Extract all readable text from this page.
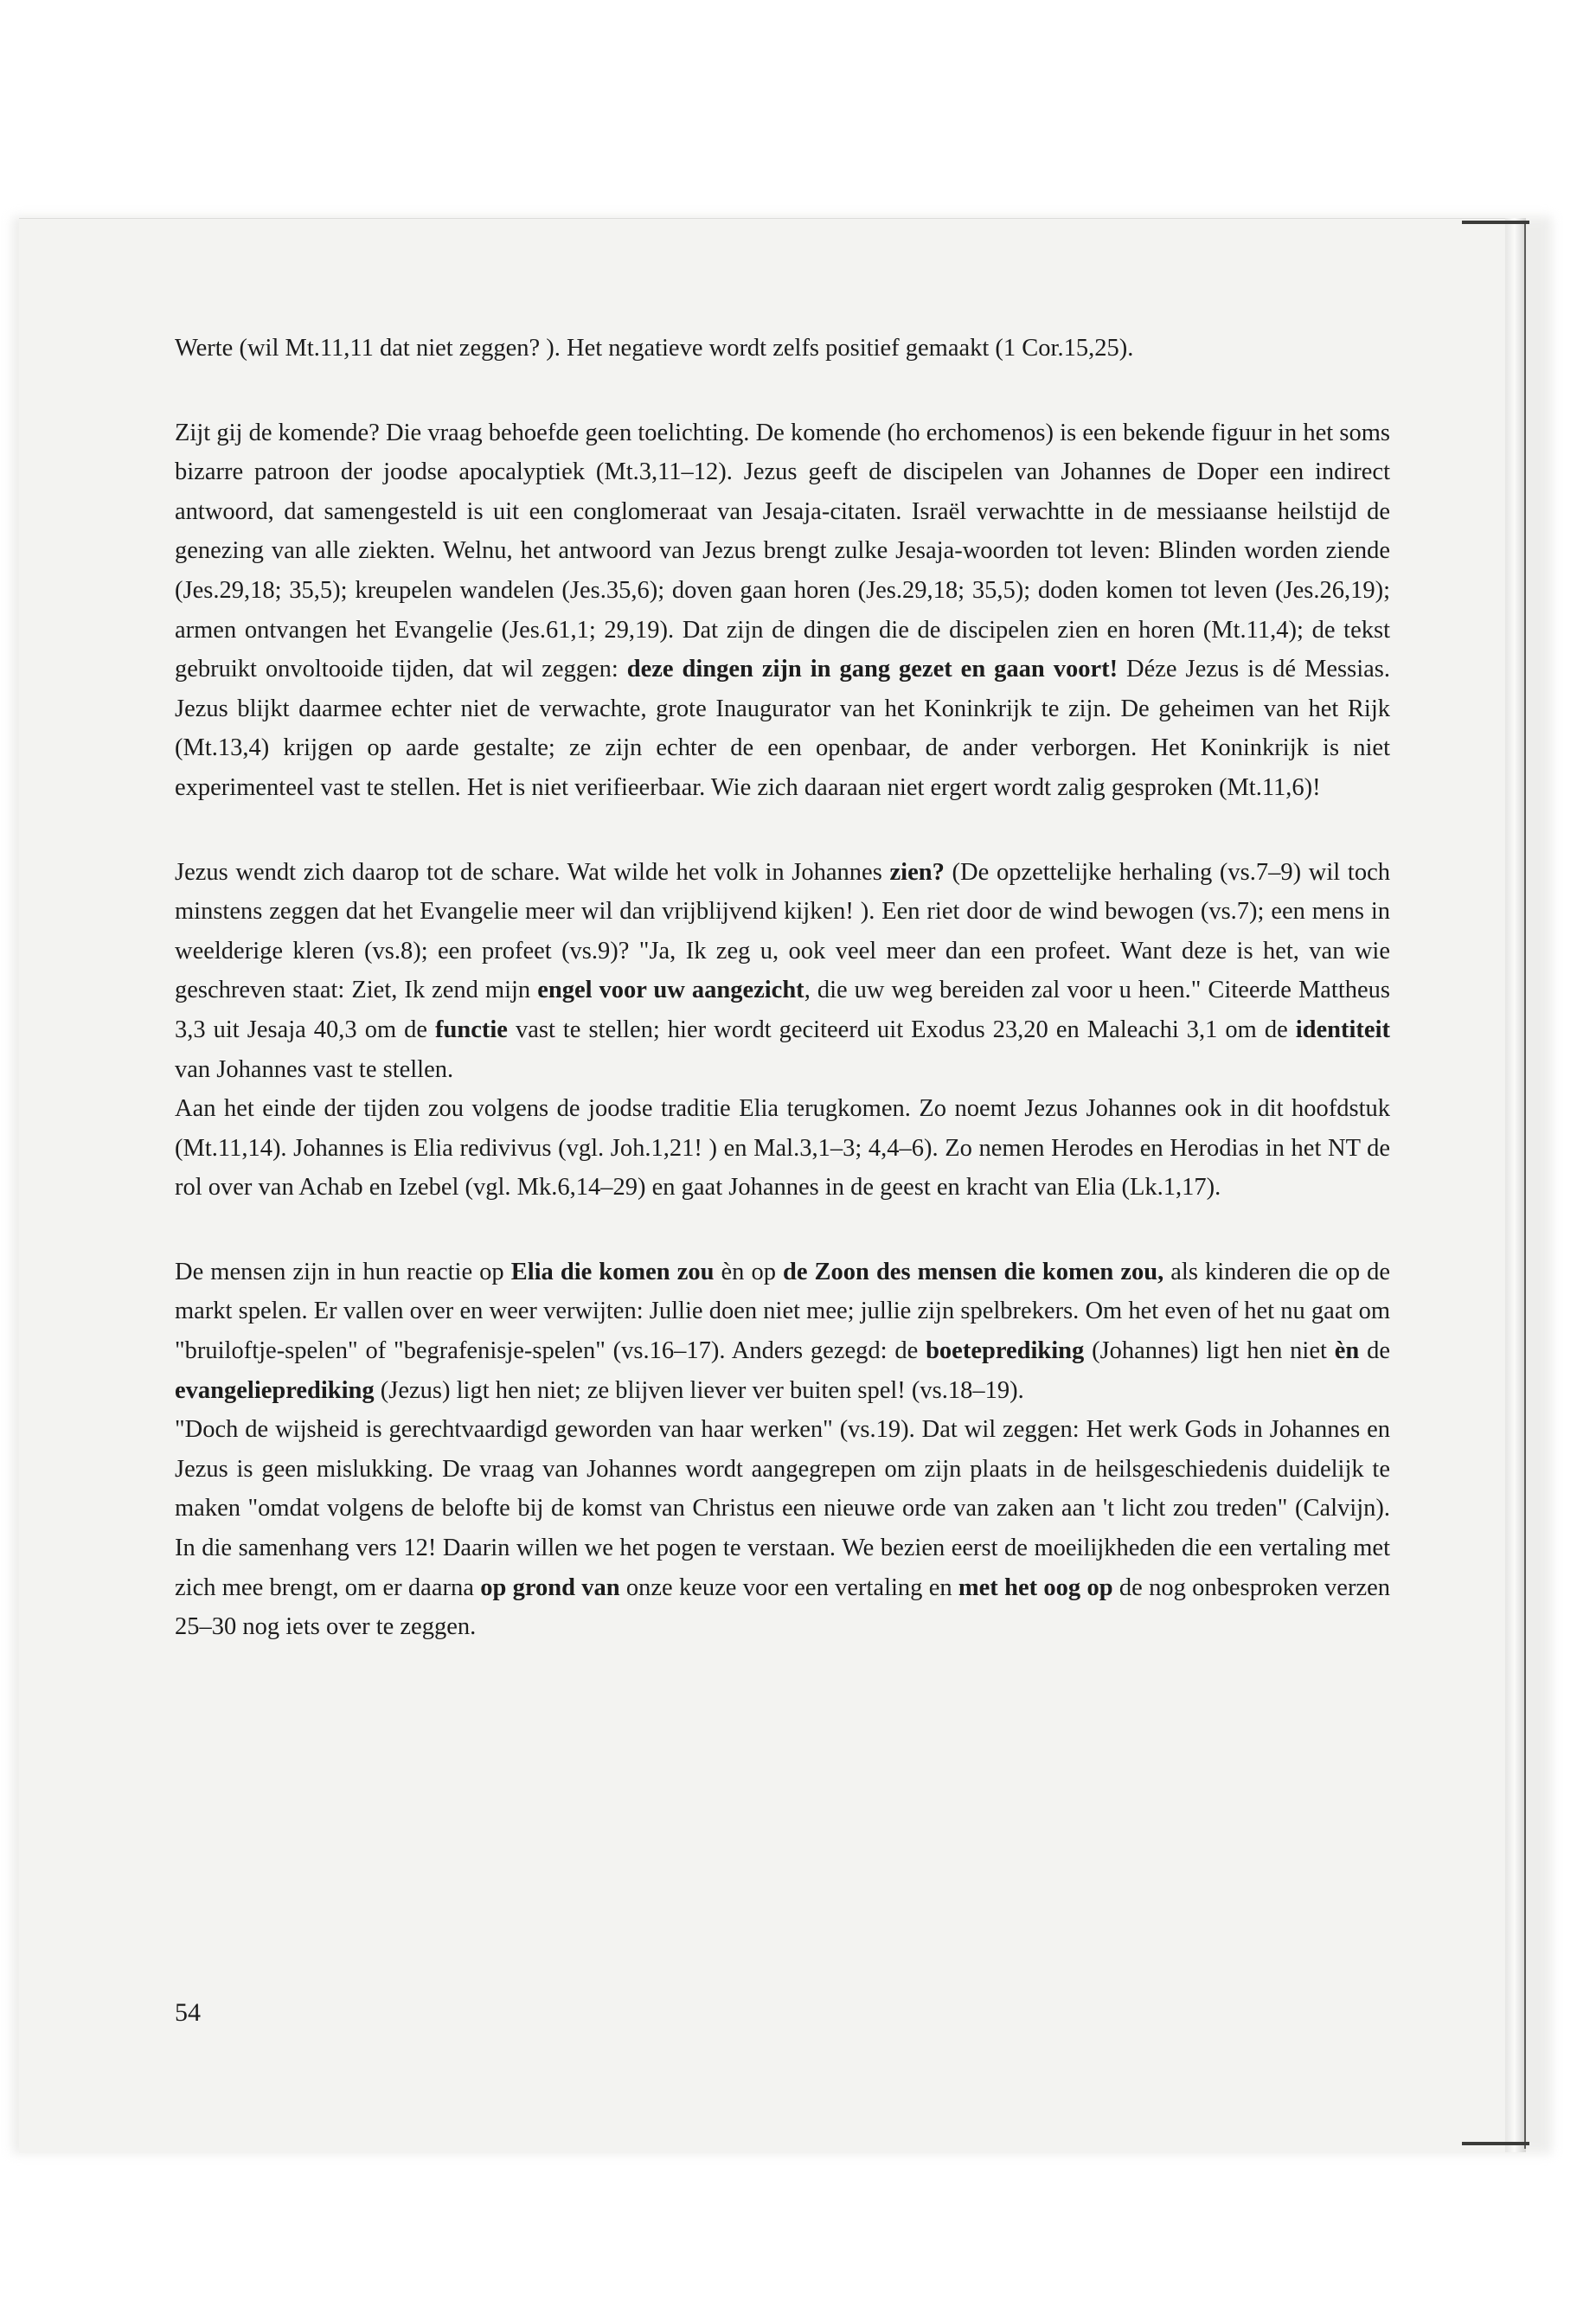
Werte (wil Mt.11,11 dat niet zeggen? ). Het negatieve wordt zelfs positief gemaakt (1 Cor.15,25).

Zijt gij de komende? Die vraag behoefde geen toelichting. De komende (ho erchomenos) is een bekende figuur in het soms bizarre patroon der joodse apocalyptiek (Mt.3,11–12). Jezus geeft de discipelen van Johannes de Doper een indirect antwoord, dat samengesteld is uit een conglomeraat van Jesaja-citaten. Israël verwachtte in de messiaanse heilstijd de genezing van alle ziekten. Welnu, het antwoord van Jezus brengt zulke Jesaja-woorden tot leven: Blinden worden ziende (Jes.29,18; 35,5); kreupelen wandelen (Jes.35,6); doven gaan horen (Jes.29,18; 35,5); doden komen tot leven (Jes.26,19); armen ontvangen het Evangelie (Jes.61,1; 29,19). Dat zijn de dingen die de discipelen zien en horen (Mt.11,4); de tekst gebruikt onvoltooide tijden, dat wil zeggen: deze dingen zijn in gang gezet en gaan voort! Déze Jezus is dé Messias. Jezus blijkt daarmee echter niet de verwachte, grote Inaugurator van het Koninkrijk te zijn. De geheimen van het Rijk (Mt.13,4) krijgen op aarde gestalte; ze zijn echter de een openbaar, de ander verborgen. Het Koninkrijk is niet experimenteel vast te stellen. Het is niet verifieerbaar. Wie zich daaraan niet ergert wordt zalig gesproken (Mt.11,6)!

Jezus wendt zich daarop tot de schare. Wat wilde het volk in Johannes zien? (De opzettelijke herhaling (vs.7–9) wil toch minstens zeggen dat het Evangelie meer wil dan vrijblijvend kijken! ). Een riet door de wind bewogen (vs.7); een mens in weelderige kleren (vs.8); een profeet (vs.9)? "Ja, Ik zeg u, ook veel meer dan een profeet. Want deze is het, van wie geschreven staat: Ziet, Ik zend mijn engel voor uw aangezicht, die uw weg bereiden zal voor u heen." Citeerde Mattheus 3,3 uit Jesaja 40,3 om de functie vast te stellen; hier wordt geciteerd uit Exodus 23,20 en Maleachi 3,1 om de identiteit van Johannes vast te stellen.

Aan het einde der tijden zou volgens de joodse traditie Elia terugkomen. Zo noemt Jezus Johannes ook in dit hoofdstuk (Mt.11,14). Johannes is Elia redivivus (vgl. Joh.1,21! ) en Mal.3,1–3; 4,4–6). Zo nemen Herodes en Herodias in het NT de rol over van Achab en Izebel (vgl. Mk.6,14–29) en gaat Johannes in de geest en kracht van Elia (Lk.1,17).

De mensen zijn in hun reactie op Elia die komen zou èn op de Zoon des mensen die komen zou, als kinderen die op de markt spelen. Er vallen over en weer verwijten: Jullie doen niet mee; jullie zijn spelbrekers. Om het even of het nu gaat om "bruiloftje-spelen" of "begrafenisje-spelen" (vs.16–17). Anders gezegd: de boeteprediking (Johannes) ligt hen niet èn de evangelieprediking (Jezus) ligt hen niet; ze blijven liever ver buiten spel! (vs.18–19).

"Doch de wijsheid is gerechtvaardigd geworden van haar werken" (vs.19). Dat wil zeggen: Het werk Gods in Johannes en Jezus is geen mislukking. De vraag van Johannes wordt aangegrepen om zijn plaats in de heilsgeschiedenis duidelijk te maken "omdat volgens de belofte bij de komst van Christus een nieuwe orde van zaken aan 't licht zou treden" (Calvijn). In die samenhang vers 12! Daarin willen we het pogen te verstaan. We bezien eerst de moeilijkheden die een vertaling met zich mee brengt, om er daarna op grond van onze keuze voor een vertaling en met het oog op de nog onbesproken verzen 25–30 nog iets over te zeggen.

54
